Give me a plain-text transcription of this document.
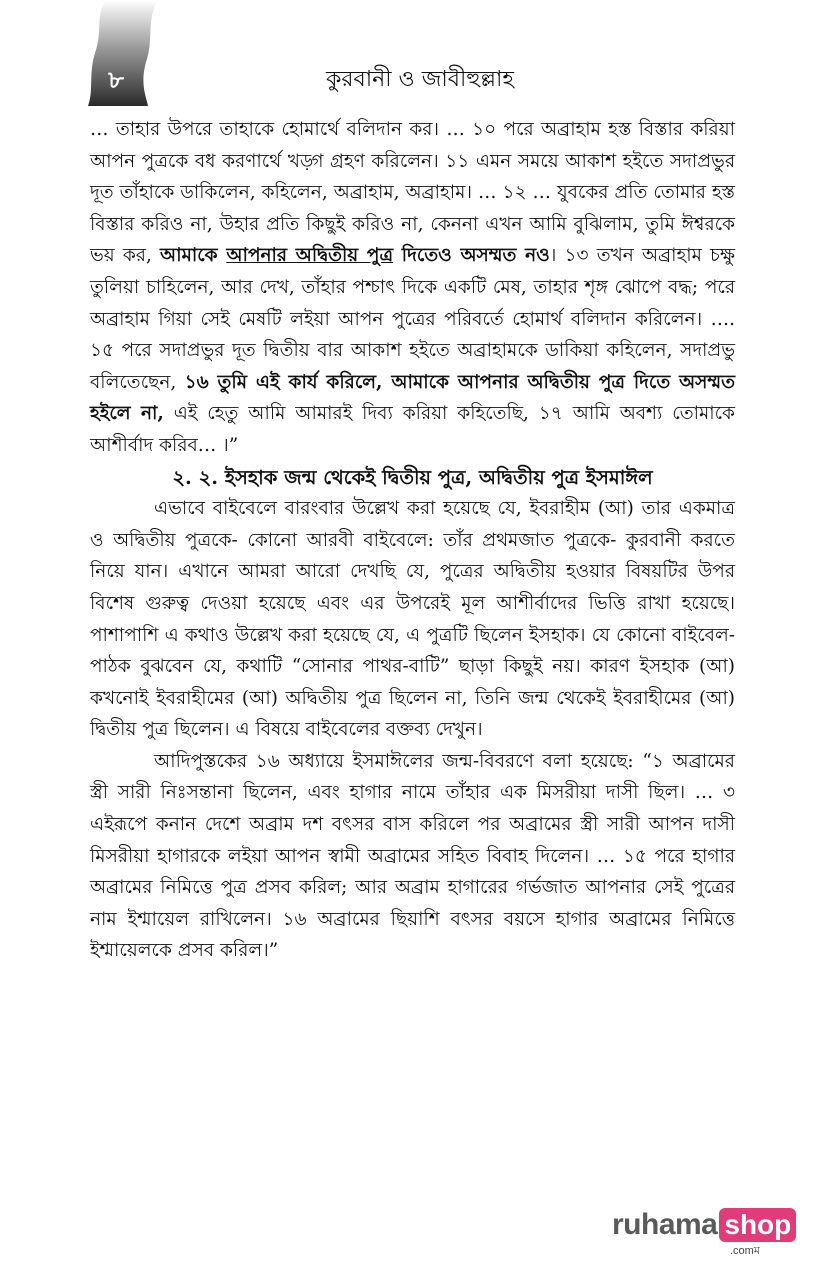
৮	কুরবানী ও জাবীহুল্লাহ

… তাহার উপরে তাহাকে হোমার্থে বলিদান কর। … ১০ পরে অব্রাহাম হস্ত বিস্তার করিয়া আপন পুত্রকে বধ করণার্থে খড়্গ গ্রহণ করিলেন। ১১ এমন সময়ে আকাশ হইতে সদাপ্রভুর দূত তাঁহাকে ডাকিলেন, কহিলেন, অব্রাহাম, অব্রাহাম। … ১২ … যুবকের প্রতি তোমার হস্ত বিস্তার করিও না, উহার প্রতি কিছুই করিও না, কেননা এখন আমি বুঝিলাম, তুমি ঈশ্বরকে ভয় কর, আমাকে আপনার অদ্বিতীয় পুত্র দিতেও অসম্মত নও। ১৩ তখন অব্রাহাম চক্ষু তুলিয়া চাহিলেন, আর দেখ, তাঁহার পশ্চাৎ দিকে একটি মেষ, তাহার শৃঙ্গ ঝোপে বদ্ধ; পরে অব্রাহাম গিয়া সেই মেষটি লইয়া আপন পুত্রের পরিবর্তে হোমার্থ বলিদান করিলেন। …. ১৫ পরে সদাপ্রভুর দূত দ্বিতীয় বার আকাশ হইতে অব্রাহামকে ডাকিয়া কহিলেন, সদাপ্রভু বলিতেছেন, ১৬ তুমি এই কার্য করিলে, আমাকে আপনার অদ্বিতীয় পুত্র দিতে অসম্মত হইলে না, এই হেতু আমি আমারই দিব্য করিয়া কহিতেছি, ১৭ আমি অবশ্য তোমাকে আশীর্বাদ করিব… ।”

২. ২. ইসহাক জন্ম থেকেই দ্বিতীয় পুত্র, অদ্বিতীয় পুত্র ইসমাঈল

এভাবে বাইবেলে বারংবার উল্লেখ করা হয়েছে যে, ইবরাহীম (আ) তার একমাত্র ও অদ্বিতীয় পুত্রকে- কোনো আরবী বাইবেলে: তাঁর প্রথমজাত পুত্রকে- কুরবানী করতে নিয়ে যান। এখানে আমরা আরো দেখছি যে, পুত্রের অদ্বিতীয় হওয়ার বিষয়টির উপর বিশেষ গুরুত্ব দেওয়া হয়েছে এবং এর উপরেই মূল আশীর্বাদের ভিত্তি রাখা হয়েছে। পাশাপাশি এ কথাও উল্লেখ করা হয়েছে যে, এ পুত্রটি ছিলেন ইসহাক। যে কোনো বাইবেল-পাঠক বুঝবেন যে, কথাটি “সোনার পাথর-বাটি” ছাড়া কিছুই নয়। কারণ ইসহাক (আ) কখনোই ইবরাহীমের (আ) অদ্বিতীয় পুত্র ছিলেন না, তিনি জন্ম থেকেই ইবরাহীমের (আ) দ্বিতীয় পুত্র ছিলেন। এ বিষয়ে বাইবেলের বক্তব্য দেখুন।

আদিপুস্তকের ১৬ অধ্যায়ে ইসমাঈলের জন্ম-বিবরণে বলা হয়েছে: “১ অব্রামের স্ত্রী সারী নিঃসন্তানা ছিলেন, এবং হাগার নামে তাঁহার এক মিসরীয়া দাসী ছিল। … ৩ এইরূপে কনান দেশে অব্রাম দশ বৎসর বাস করিলে পর অব্রামের স্ত্রী সারী আপন দাসী মিসরীয়া হাগারকে লইয়া আপন স্বামী অব্রামের সহিত বিবাহ দিলেন। … ১৫ পরে হাগার অব্রামের নিমিত্তে পুত্র প্রসব করিল; আর অব্রাম হাগারের গর্ভজাত আপনার সেই পুত্রের নাম ইশ্মায়েল রাখিলেন। ১৬ অব্রামের ছিয়াশি বৎসর বয়সে হাগার অব্রামের নিমিত্তে ইশ্মায়েলকে প্রসব করিল।”

ruhama shop
.comম
